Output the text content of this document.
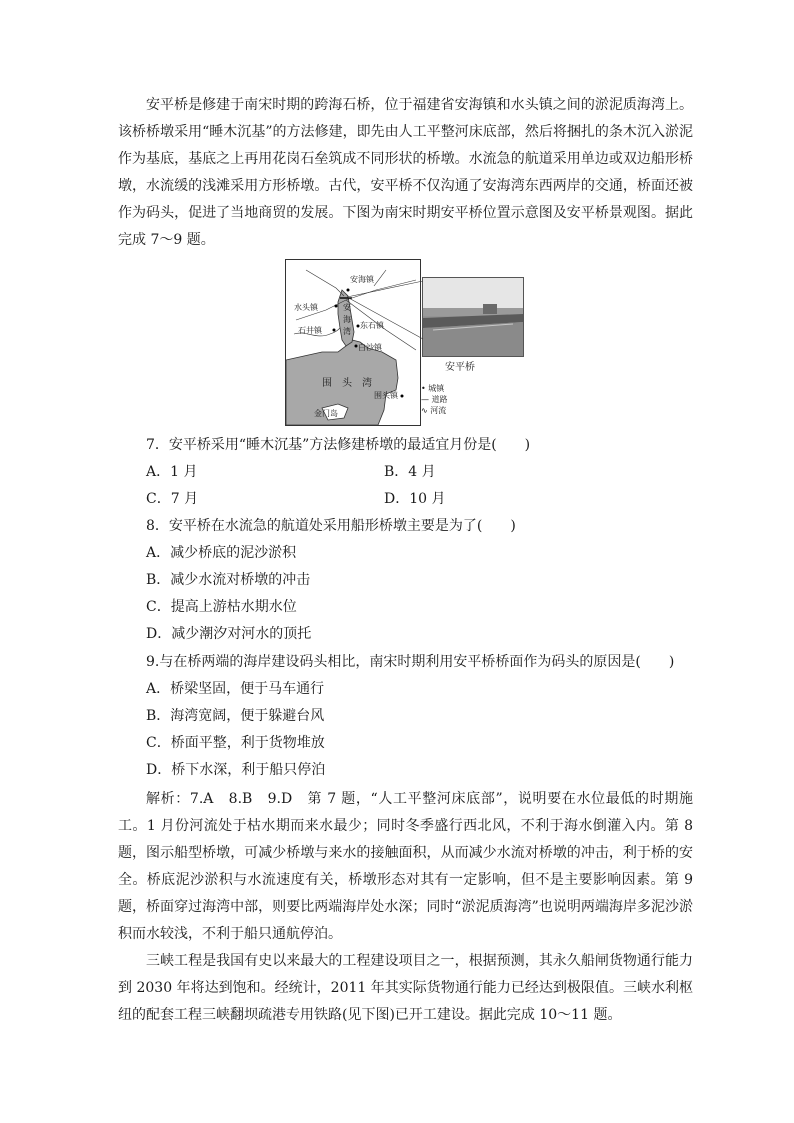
安平桥是修建于南宋时期的跨海石桥，位于福建省安海镇和水头镇之间的淤泥质海湾上。该桥桥墩采用“睡木沉基”的方法修建，即先由人工平整河床底部，然后将捆扎的条木沉入淤泥作为基底，基底之上再用花岗石垒筑成不同形状的桥墩。水流急的航道采用单边或双边船形桥墩，水流缓的浅滩采用方形桥墩。古代，安平桥不仅沟通了安海湾东西两岸的交通，桥面还被作为码头，促进了当地商贸的发展。下图为南宋时期安平桥位置示意图及安平桥景观图。据此完成 7～9 题。

安海镇
水头镇	安
海
湾
东石镇
石井镇
白沙镇
围　头　湾
围头镇
金门岛
安平桥
• 城镇
— 道路
∿ 河流

7．安平桥采用“睡木沉基”方法修建桥墩的最适宜月份是(　　)

A．1 月	B．4 月

C．7 月	D．10 月

8．安平桥在水流急的航道处采用船形桥墩主要是为了(　　)

A．减少桥底的泥沙淤积

B．减少水流对桥墩的冲击

C．提高上游枯水期水位

D．减少潮汐对河水的顶托

9.与在桥两端的海岸建设码头相比，南宋时期利用安平桥桥面作为码头的原因是(　　)

A．桥梁坚固，便于马车通行

B．海湾宽阔，便于躲避台风

C．桥面平整，利于货物堆放

D．桥下水深，利于船只停泊

解析：7.A　8.B　9.D　第 7 题，“人工平整河床底部”，说明要在水位最低的时期施工。1 月份河流处于枯水期而来水最少；同时冬季盛行西北风，不利于海水倒灌入内。第 8 题，图示船型桥墩，可减少桥墩与来水的接触面积，从而减少水流对桥墩的冲击，利于桥的安全。桥底泥沙淤积与水流速度有关，桥墩形态对其有一定影响，但不是主要影响因素。第 9 题，桥面穿过海湾中部，则要比两端海岸处水深；同时“淤泥质海湾”也说明两端海岸多泥沙淤积而水较浅，不利于船只通航停泊。

三峡工程是我国有史以来最大的工程建设项目之一，根据预测，其永久船闸货物通行能力到 2030 年将达到饱和。经统计，2011 年其实际货物通行能力已经达到极限值。三峡水利枢纽的配套工程三峡翻坝疏港专用铁路(见下图)已开工建设。据此完成 10～11 题。
